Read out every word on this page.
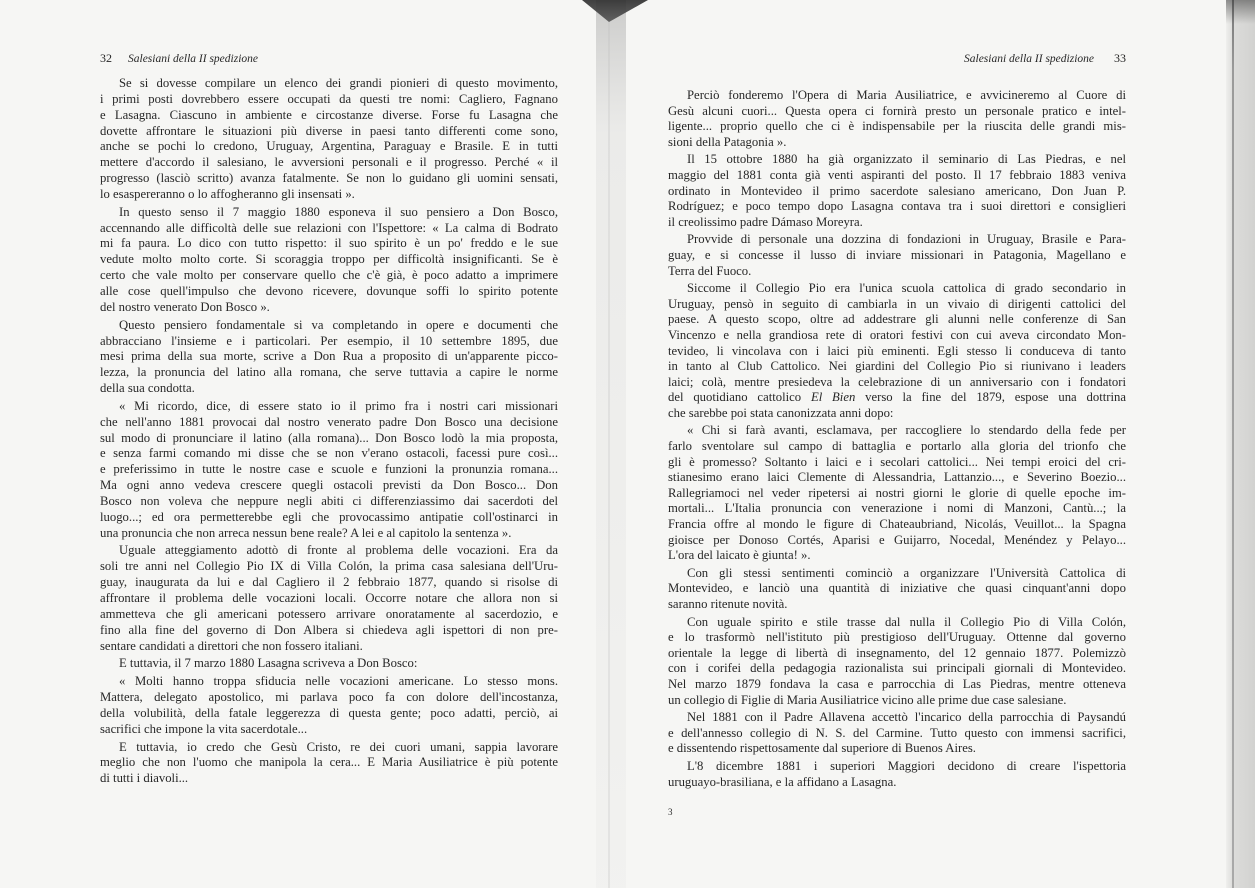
32 Salesiani della II spedizione
Se si dovesse compilare un elenco dei grandi pionieri di questo movimento,
i primi posti dovrebbero essere occupati da questi tre nomi: Cagliero, Fagnano
e Lasagna. Ciascuno in ambiente e circostanze diverse. Forse fu Lasagna che
dovette affrontare le situazioni più diverse in paesi tanto differenti come sono,
anche se pochi lo credono, Uruguay, Argentina, Paraguay e Brasile. E in tutti
mettere d'accordo il salesiano, le avversioni personali e il progresso. Perché « il
progresso (lasciò scritto) avanza fatalmente. Se non lo guidano gli uomini sensati,
lo esaspereranno o lo affogheranno gli insensati ».
In questo senso il 7 maggio 1880 esponeva il suo pensiero a Don Bosco,
accennando alle difficoltà delle sue relazioni con l'Ispettore: « La calma di Bodrato
mi fa paura. Lo dico con tutto rispetto: il suo spirito è un po' freddo e le sue
vedute molto molto corte. Si scoraggia troppo per difficoltà insignificanti. Se è
certo che vale molto per conservare quello che c'è già, è poco adatto a imprimere
alle cose quell'impulso che devono ricevere, dovunque soffi lo spirito potente
del nostro venerato Don Bosco ».
Questo pensiero fondamentale si va completando in opere e documenti che
abbracciano l'insieme e i particolari. Per esempio, il 10 settembre 1895, due
mesi prima della sua morte, scrive a Don Rua a proposito di un'apparente picco-
lezza, la pronuncia del latino alla romana, che serve tuttavia a capire le norme
della sua condotta.
« Mi ricordo, dice, di essere stato io il primo fra i nostri cari missionari
che nell'anno 1881 provocai dal nostro venerato padre Don Bosco una decisione
sul modo di pronunciare il latino (alla romana)... Don Bosco lodò la mia proposta,
e senza farmi comando mi disse che se non v'erano ostacoli, facessi pure così...
e preferissimo in tutte le nostre case e scuole e funzioni la pronunzia romana...
Ma ogni anno vedeva crescere quegli ostacoli previsti da Don Bosco... Don
Bosco non voleva che neppure negli abiti ci differenziassimo dai sacerdoti del
luogo...; ed ora permetterebbe egli che provocassimo antipatie coll'ostinarci in
una pronuncia che non arreca nessun bene reale? A lei e al capitolo la sentenza ».
Uguale atteggiamento adottò di fronte al problema delle vocazioni. Era da
soli tre anni nel Collegio Pio IX di Villa Colón, la prima casa salesiana dell'Uru-
guay, inaugurata da lui e dal Cagliero il 2 febbraio 1877, quando si risolse di
affrontare il problema delle vocazioni locali. Occorre notare che allora non si
ammetteva che gli americani potessero arrivare onoratamente al sacerdozio, e
fino alla fine del governo di Don Albera si chiedeva agli ispettori di non pre-
sentare candidati a direttori che non fossero italiani.
E tuttavia, il 7 marzo 1880 Lasagna scriveva a Don Bosco:
« Molti hanno troppa sfiducia nelle vocazioni americane. Lo stesso mons.
Mattera, delegato apostolico, mi parlava poco fa con dolore dell'incostanza,
della volubilità, della fatale leggerezza di questa gente; poco adatti, perciò, ai
sacrifici che impone la vita sacerdotale...
E tuttavia, io credo che Gesù Cristo, re dei cuori umani, sappia lavorare
meglio che non l'uomo che manipola la cera... E Maria Ausiliatrice è più potente
di tutti i diavoli...
Salesiani della II spedizione 33
Perciò fonderemo l'Opera di Maria Ausiliatrice, e avvicineremo al Cuore di
Gesù alcuni cuori... Questa opera ci fornirà presto un personale pratico e intel-
ligente... proprio quello che ci è indispensabile per la riuscita delle grandi mis-
sioni della Patagonia ».
Il 15 ottobre 1880 ha già organizzato il seminario di Las Piedras, e nel
maggio del 1881 conta già venti aspiranti del posto. Il 17 febbraio 1883 veniva
ordinato in Montevideo il primo sacerdote salesiano americano, Don Juan P.
Rodríguez; e poco tempo dopo Lasagna contava tra i suoi direttori e consiglieri
il creolissimo padre Dámaso Moreyra.
Provvide di personale una dozzina di fondazioni in Uruguay, Brasile e Para-
guay, e si concesse il lusso di inviare missionari in Patagonia, Magellano e
Terra del Fuoco.
Siccome il Collegio Pio era l'unica scuola cattolica di grado secondario in
Uruguay, pensò in seguito di cambiarla in un vivaio di dirigenti cattolici del
paese. A questo scopo, oltre ad addestrare gli alunni nelle conferenze di San
Vincenzo e nella grandiosa rete di oratori festivi con cui aveva circondato Mon-
tevideo, li vincolava con i laici più eminenti. Egli stesso li conduceva di tanto
in tanto al Club Cattolico. Nei giardini del Collegio Pio si riunivano i leaders
laici; colà, mentre presiedeva la celebrazione di un anniversario con i fondatori
del quotidiano cattolico El Bien verso la fine del 1879, espose una dottrina
che sarebbe poi stata canonizzata anni dopo:
« Chi si farà avanti, esclamava, per raccogliere lo stendardo della fede per
farlo sventolare sul campo di battaglia e portarlo alla gloria del trionfo che
gli è promesso? Soltanto i laici e i secolari cattolici... Nei tempi eroici del cri-
stianesimo erano laici Clemente di Alessandria, Lattanzio..., e Severino Boezio...
Rallegriamoci nel veder ripetersi ai nostri giorni le glorie di quelle epoche im-
mortali... L'Italia pronuncia con venerazione i nomi di Manzoni, Cantù...; la
Francia offre al mondo le figure di Chateaubriand, Nicolás, Veuillot... la Spagna
gioisce per Donoso Cortés, Aparisi e Guijarro, Nocedal, Menéndez y Pelayo...
L'ora del laicato è giunta! ».
Con gli stessi sentimenti cominciò a organizzare l'Università Cattolica di
Montevideo, e lanciò una quantità di iniziative che quasi cinquant'anni dopo
saranno ritenute novità.
Con uguale spirito e stile trasse dal nulla il Collegio Pio di Villa Colón,
e lo trasformò nell'istituto più prestigioso dell'Uruguay. Ottenne dal governo
orientale la legge di libertà di insegnamento, del 12 gennaio 1877. Polemizzò
con i corifei della pedagogia razionalista sui principali giornali di Montevideo.
Nel marzo 1879 fondava la casa e parrocchia di Las Piedras, mentre otteneva
un collegio di Figlie di Maria Ausiliatrice vicino alle prime due case salesiane.
Nel 1881 con il Padre Allavena accettò l'incarico della parrocchia di Paysandú
e dell'annesso collegio di N. S. del Carmine. Tutto questo con immensi sacrifici,
e dissentendo rispettosamente dal superiore di Buenos Aires.
L'8 dicembre 1881 i superiori Maggiori decidono di creare l'ispettoria
uruguayo-brasiliana, e la affidano a Lasagna.
3
